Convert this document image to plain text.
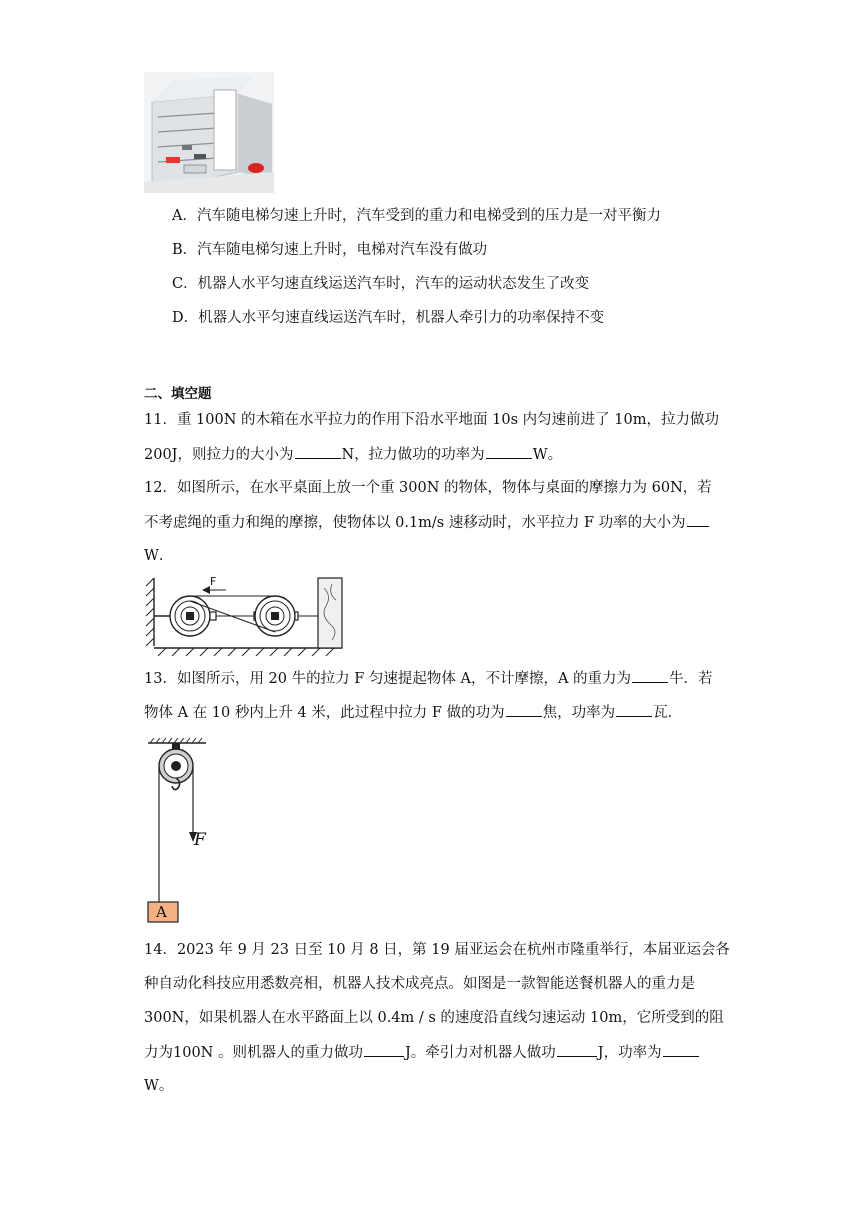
A．汽车随电梯匀速上升时，汽车受到的重力和电梯受到的压力是一对平衡力
B．汽车随电梯匀速上升时，电梯对汽车没有做功
C．机器人水平匀速直线运送汽车时，汽车的运动状态发生了改变
D．机器人水平匀速直线运送汽车时，机器人牵引力的功率保持不变
二、填空题
11．重 100N 的木箱在水平拉力的作用下沿水平地面 10s 内匀速前进了 10m，拉力做功
200J，则拉力的大小为	N，拉力做功的功率为	W。
12．如图所示，在水平桌面上放一个重 300N 的物体，物体与桌面的摩擦力为 60N，若
不考虑绳的重力和绳的摩擦，使物体以 0.1m/s 速移动时，水平拉力 F 功率的大小为
W．
F
13．如图所示，用 20 牛的拉力 F 匀速提起物体 A，不计摩擦，A 的重力为	牛．若
物体 A 在 10 秒内上升 4 米，此过程中拉力 F 做的功为	焦，功率为	瓦．
F
A
14．2023 年 9 月 23 日至 10 月 8 日，第 19 届亚运会在杭州市隆重举行，本届亚运会各
种自动化科技应用悉数亮相，机器人技术成亮点。如图是一款智能送餐机器人的重力是
300N，如果机器人在水平路面上以 0.4m / s 的速度沿直线匀速运动 10m，它所受到的阻
力为100N 。则机器人的重力做功	J。牵引力对机器人做功	J，功率为
W。
